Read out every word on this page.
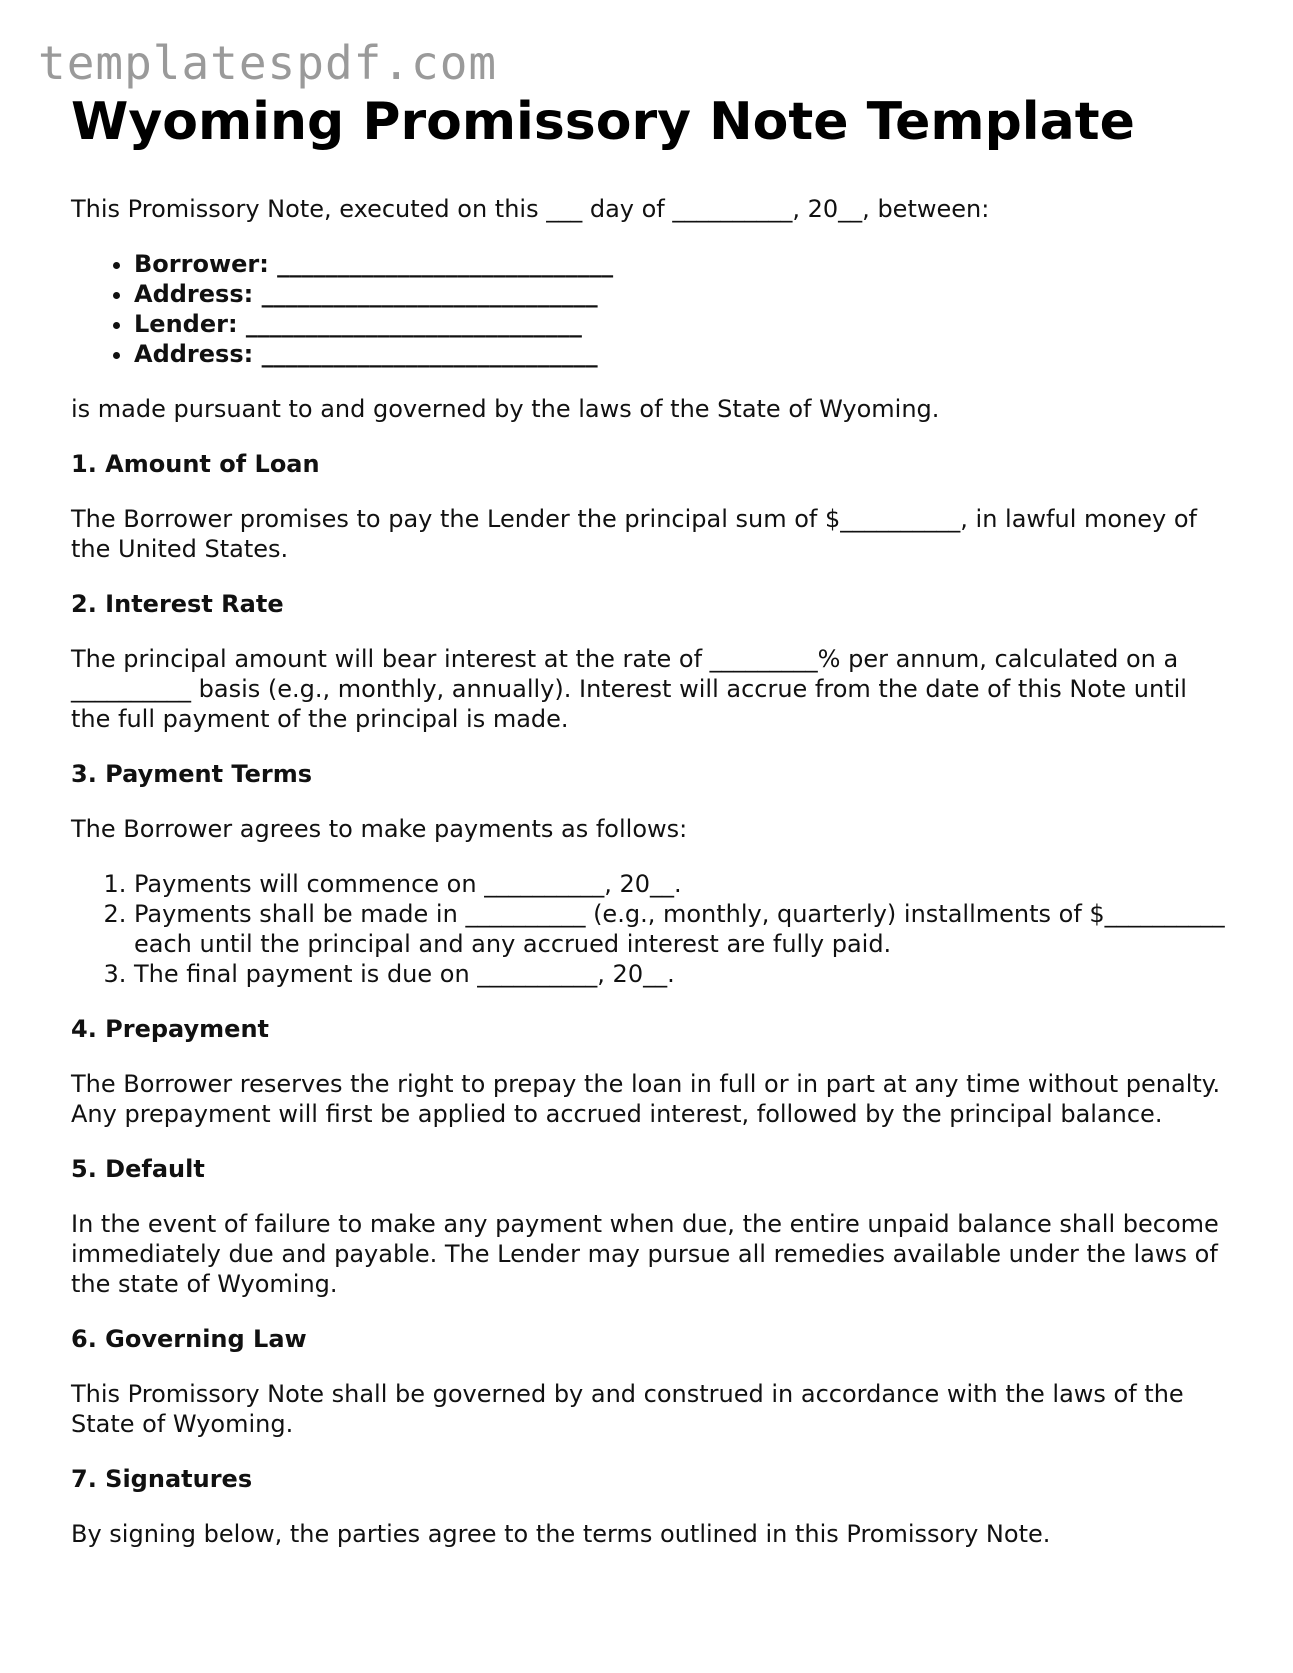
templatespdf.com
Wyoming Promissory Note Template

This Promissory Note, executed on this ___ day of __________, 20__, between:

• Borrower: ____________________________
• Address: ____________________________
• Lender: ____________________________
• Address: ____________________________

is made pursuant to and governed by the laws of the State of Wyoming.

1. Amount of Loan

The Borrower promises to pay the Lender the principal sum of $__________, in lawful money of the United States.

2. Interest Rate

The principal amount will bear interest at the rate of _________% per annum, calculated on a __________ basis (e.g., monthly, annually). Interest will accrue from the date of this Note until the full payment of the principal is made.

3. Payment Terms

The Borrower agrees to make payments as follows:

1. Payments will commence on __________, 20__.
2. Payments shall be made in __________ (e.g., monthly, quarterly) installments of $__________ each until the principal and any accrued interest are fully paid.
3. The final payment is due on __________, 20__.
4. Prepayment

The Borrower reserves the right to prepay the loan in full or in part at any time without penalty. Any prepayment will first be applied to accrued interest, followed by the principal balance.

5. Default

In the event of failure to make any payment when due, the entire unpaid balance shall become immediately due and payable. The Lender may pursue all remedies available under the laws of the state of Wyoming.

6. Governing Law

This Promissory Note shall be governed by and construed in accordance with the laws of the State of Wyoming.

7. Signatures

By signing below, the parties agree to the terms outlined in this Promissory Note.
